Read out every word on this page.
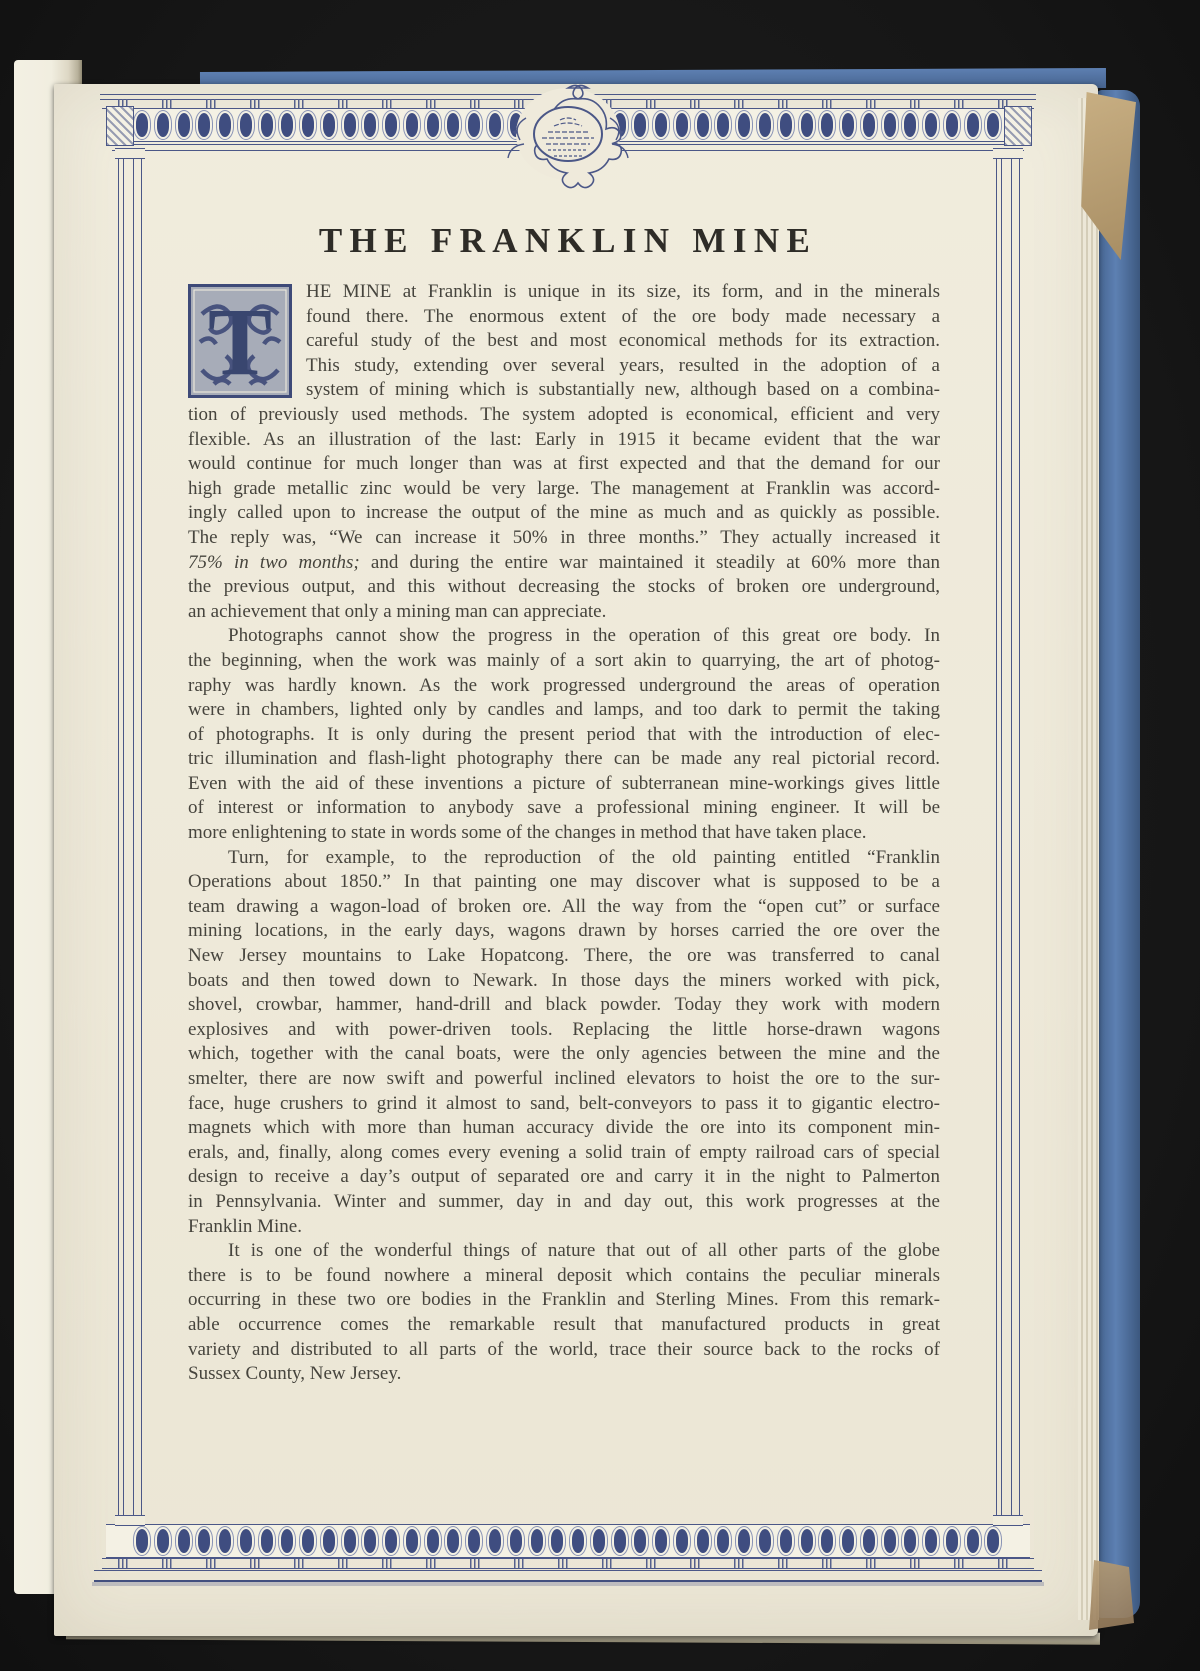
THE FRANKLIN MINE
T	HE MINE at Franklin is unique in its size, its form, and in the minerals
found there. The enormous extent of the ore body made necessary a
careful study of the best and most economical methods for its extraction.
This study, extending over several years, resulted in the adoption of a
system of mining which is substantially new, although based on a combina-
tion of previously used methods. The system adopted is economical, efficient and very
flexible. As an illustration of the last: Early in 1915 it became evident that the war
would continue for much longer than was at first expected and that the demand for our
high grade metallic zinc would be very large. The management at Franklin was accord-
ingly called upon to increase the output of the mine as much and as quickly as possible.
The reply was, “We can increase it 50% in three months.” They actually increased it
75% in two months; and during the entire war maintained it steadily at 60% more than
the previous output, and this without decreasing the stocks of broken ore underground,
an achievement that only a mining man can appreciate.
Photographs cannot show the progress in the operation of this great ore body. In
the beginning, when the work was mainly of a sort akin to quarrying, the art of photog-
raphy was hardly known. As the work progressed underground the areas of operation
were in chambers, lighted only by candles and lamps, and too dark to permit the taking
of photographs. It is only during the present period that with the introduction of elec-
tric illumination and flash-light photography there can be made any real pictorial record.
Even with the aid of these inventions a picture of subterranean mine-workings gives little
of interest or information to anybody save a professional mining engineer. It will be
more enlightening to state in words some of the changes in method that have taken place.
Turn, for example, to the reproduction of the old painting entitled “Franklin
Operations about 1850.” In that painting one may discover what is supposed to be a
team drawing a wagon-load of broken ore. All the way from the “open cut” or surface
mining locations, in the early days, wagons drawn by horses carried the ore over the
New Jersey mountains to Lake Hopatcong. There, the ore was transferred to canal
boats and then towed down to Newark. In those days the miners worked with pick,
shovel, crowbar, hammer, hand-drill and black powder. Today they work with modern
explosives and with power-driven tools. Replacing the little horse-drawn wagons
which, together with the canal boats, were the only agencies between the mine and the
smelter, there are now swift and powerful inclined elevators to hoist the ore to the sur-
face, huge crushers to grind it almost to sand, belt-conveyors to pass it to gigantic electro-
magnets which with more than human accuracy divide the ore into its component min-
erals, and, finally, along comes every evening a solid train of empty railroad cars of special
design to receive a day’s output of separated ore and carry it in the night to Palmerton
in Pennsylvania. Winter and summer, day in and day out, this work progresses at the
Franklin Mine.
It is one of the wonderful things of nature that out of all other parts of the globe
there is to be found nowhere a mineral deposit which contains the peculiar minerals
occurring in these two ore bodies in the Franklin and Sterling Mines. From this remark-
able occurrence comes the remarkable result that manufactured products in great
variety and distributed to all parts of the world, trace their source back to the rocks of
Sussex County, New Jersey.
